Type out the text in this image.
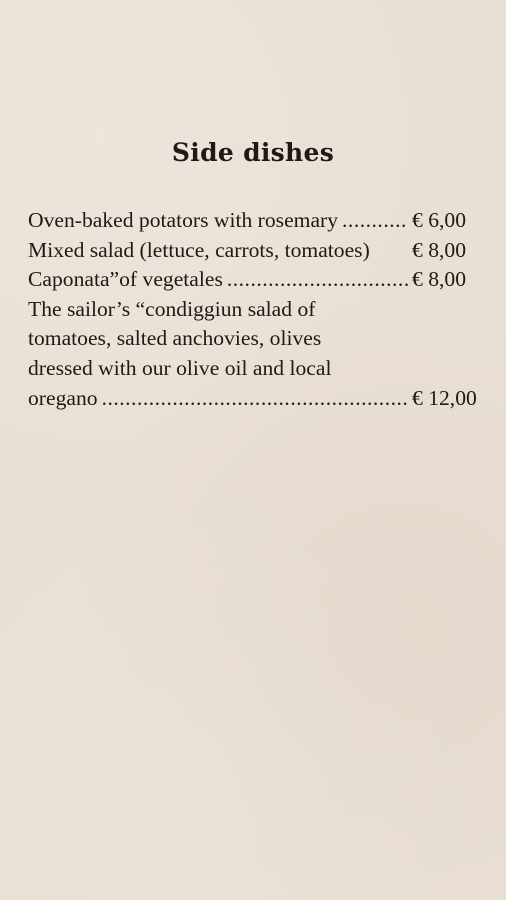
Side dishes
Oven-baked potators with rosemary .....	€ 6,00
Mixed salad (lettuce, carrots, tomatoes) € 8,00
Caponata”of vegetales .....	€ 8,00
The sailor’s “condiggiun salad of
tomatoes, salted anchovies, olives
dressed with our olive oil and local
oregano .....	€ 12,00
